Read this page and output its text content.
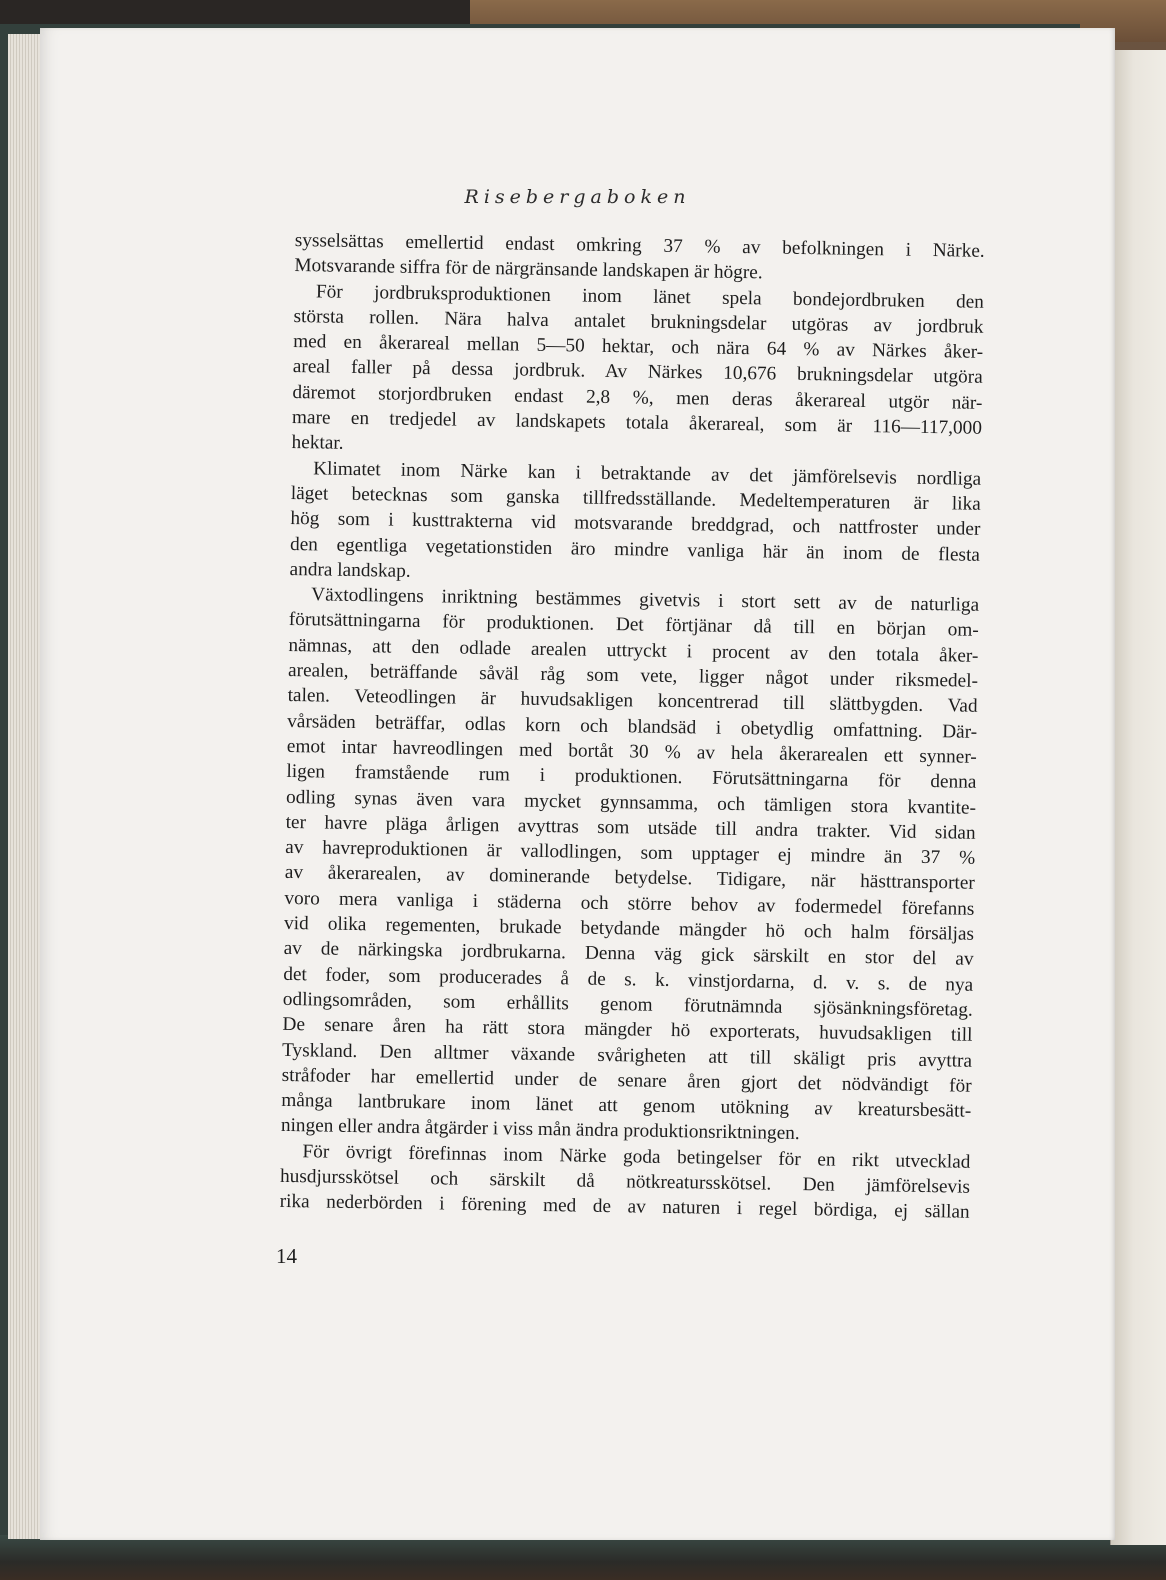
Risebergaboken
sysselsättas emellertid endast omkring 37 % av befolkningen i Närke.
Motsvarande siffra för de närgränsande landskapen är högre.
För jordbruksproduktionen inom länet spela bondejordbruken den
största rollen. Nära halva antalet brukningsdelar utgöras av jordbruk
med en åkerareal mellan 5—50 hektar, och nära 64 % av Närkes åker-
areal faller på dessa jordbruk. Av Närkes 10,676 brukningsdelar utgöra
däremot storjordbruken endast 2,8 %, men deras åkerareal utgör när-
mare en tredjedel av landskapets totala åkerareal, som är 116—117,000
hektar.
Klimatet inom Närke kan i betraktande av det jämförelsevis nordliga
läget betecknas som ganska tillfredsställande. Medeltemperaturen är lika
hög som i kusttrakterna vid motsvarande breddgrad, och nattfroster under
den egentliga vegetationstiden äro mindre vanliga här än inom de flesta
andra landskap.
Växtodlingens inriktning bestämmes givetvis i stort sett av de naturliga
förutsättningarna för produktionen. Det förtjänar då till en början om-
nämnas, att den odlade arealen uttryckt i procent av den totala åker-
arealen, beträffande såväl råg som vete, ligger något under riksmedel-
talen. Veteodlingen är huvudsakligen koncentrerad till slättbygden. Vad
vårsäden beträffar, odlas korn och blandsäd i obetydlig omfattning. Där-
emot intar havreodlingen med bortåt 30 % av hela åkerarealen ett synner-
ligen framstående rum i produktionen. Förutsättningarna för denna
odling synas även vara mycket gynnsamma, och tämligen stora kvantite-
ter havre pläga årligen avyttras som utsäde till andra trakter. Vid sidan
av havreproduktionen är vallodlingen, som upptager ej mindre än 37 %
av åkerarealen, av dominerande betydelse. Tidigare, när hästtransporter
voro mera vanliga i städerna och större behov av fodermedel förefanns
vid olika regementen, brukade betydande mängder hö och halm försäljas
av de närkingska jordbrukarna. Denna väg gick särskilt en stor del av
det foder, som producerades å de s. k. vinstjordarna, d. v. s. de nya
odlingsområden, som erhållits genom förutnämnda sjösänkningsföretag.
De senare åren ha rätt stora mängder hö exporterats, huvudsakligen till
Tyskland. Den alltmer växande svårigheten att till skäligt pris avyttra
stråfoder har emellertid under de senare åren gjort det nödvändigt för
många lantbrukare inom länet att genom utökning av kreatursbesätt-
ningen eller andra åtgärder i viss mån ändra produktionsriktningen.
För övrigt förefinnas inom Närke goda betingelser för en rikt utvecklad
husdjursskötsel och särskilt då nötkreatursskötsel. Den jämförelsevis
rika nederbörden i förening med de av naturen i regel bördiga, ej sällan
14
